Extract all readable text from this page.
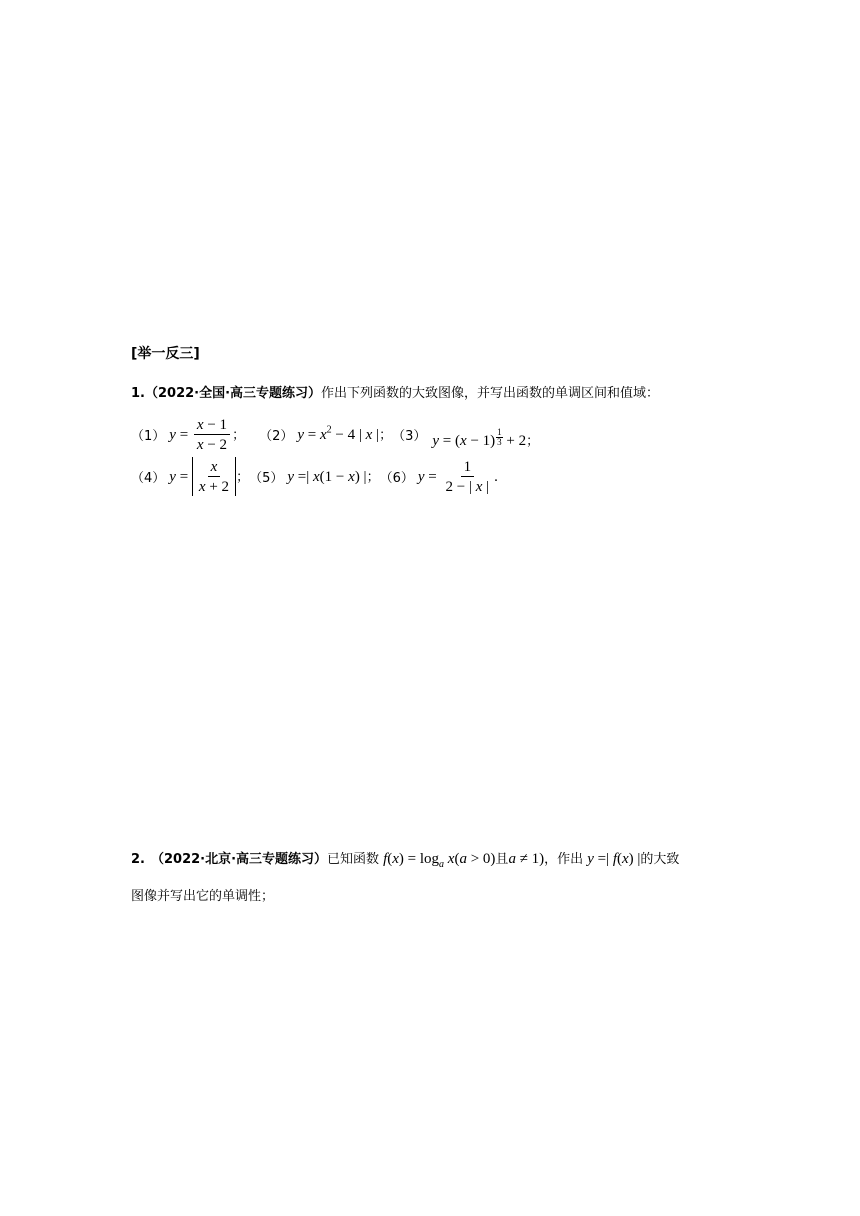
[举一反三]
1.（2022·全国·高三专题练习）作出下列函数的大致图像，并写出函数的单调区间和值域：
（1） $y = \frac{x - 1}{x - 2}$ ； （2） $y = x^2 - 4$ | x |； （3） $y = (x - 1) \frac{1}{3} + 2$；
（4） $y = \frac{x}{x + 2}$ ； （5） y =| x(1 − x) |； （6） $y = \frac{1}{2 - | x |}$ .
2. （2022·北京·高三专题练习） 已知函数 $f(x) = \log_a x(a > 0)$且a ≠ 1) ，作出 y =| f(x) | 的大致
图像并写出它的单调性；
